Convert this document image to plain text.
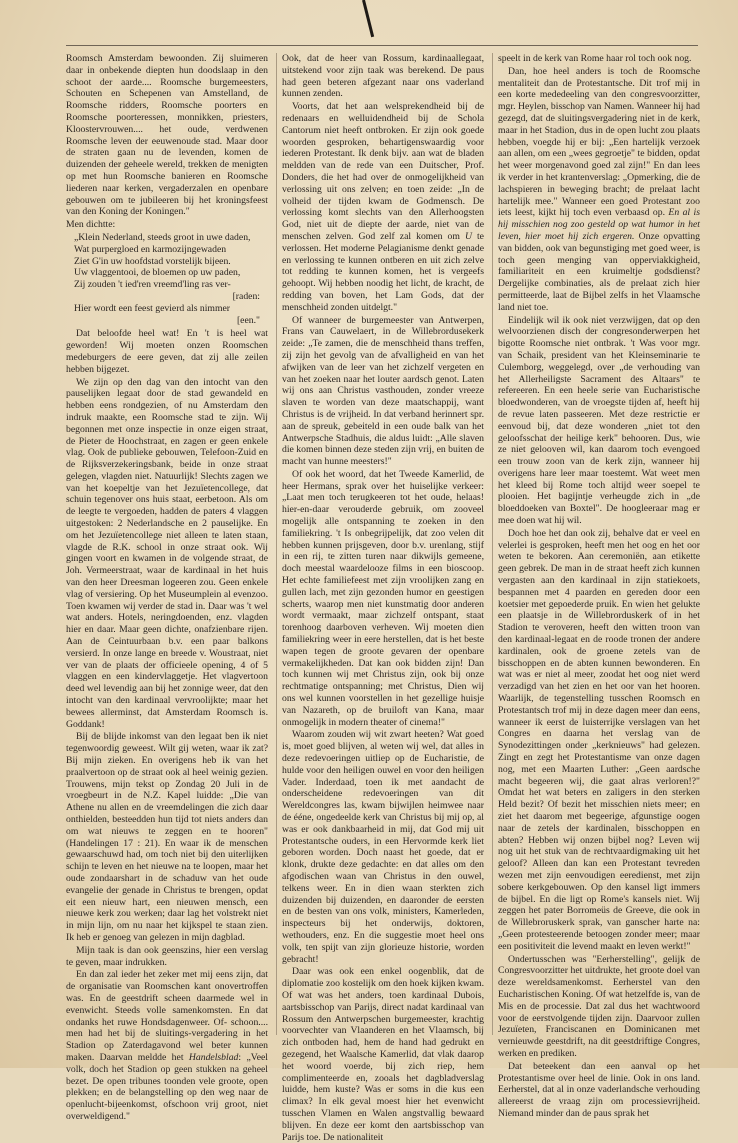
Roomsch Amsterdam bewoonden. Zij sluimeren daar in onbekende diepten hun doodslaap in den schoot der aarde.... Roomsche burgemeesters, Schouten en Schepenen van Amstelland, de Roomsche ridders, Roomsche poorters en Roomsche poorteressen, monnikken, priesters, Kloostervrouwen.... het oude, verdwenen Roomsche leven der eeuwenoude stad. Maar door de straten gaan nu de levenden, komen de duizenden der geheele wereld, trekken de menigten op met hun Roomsche banieren en Roomsche liederen naar kerken, vergaderzalen en openbare gebouwen om te jubileeren bij het kroningsfeest van den Koning der Koningen."

Men dichtte:

„Klein Nederland, steeds groot in uwe daden,
Wat purpergloed en karmozijngewaden
Ziet G'in uw hoofdstad vorstelijk bijeen.
Uw vlaggentooi, de bloemen op uw paden,
Zij zouden 't ied'ren vreemd'ling ras ver-
[raden:
Hier wordt een feest gevierd als nimmer
[een."

Dat beloofde heel wat! En 't is heel wat geworden! Wij moeten onzen Roomschen medeburgers de eere geven, dat zij alle zeilen hebben bijgezet.

We zijn op den dag van den intocht van den pauselijken legaat door de stad gewandeld en hebben eens rondgezien, of nu Amsterdam den indruk maakte, een Roomsche stad te zijn. Wij begonnen met onze inspectie in onze eigen straat, de Pieter de Hoochstraat, en zagen er geen enkele vlag. Ook de publieke gebouwen, Telefoon-Zuid en de Rijksverzekeringsbank, beide in onze straat gelegen, vlagden niet. Natuurlijk! Slechts zagen we van het koepeltje van het Jezuïetencollege, dat schuin tegenover ons huis staat, eerbetoon. Als om de leegte te vergoeden, hadden de paters 4 vlaggen uitgestoken: 2 Nederlandsche en 2 pauselijke. En om het Jezuïetencollege niet alleen te laten staan, vlagde de R.K. school in onze straat ook. Wij gingen voort en kwamen in de volgende straat, de Joh. Vermeerstraat, waar de kardinaal in het huis van den heer Dreesman logeeren zou. Geen enkele vlag of versiering. Op het Museumplein al evenzoo. Toen kwamen wij verder de stad in. Daar was 't wel wat anders. Hotels, neringdoenden, enz. vlagden hier en daar. Maar geen dichte, onafzienbare rijen. Aan de Ceintuurbaan b.v. een paar balkons versierd. In onze lange en breede v. Woustraat, niet ver van de plaats der officieele opening, 4 of 5 vlaggen en een kindervlaggetje. Het vlagvertoon deed wel levendig aan bij het zonnige weer, dat den intocht van den kardinaal vervroolijkte; maar het bewees allerminst, dat Amsterdam Roomsch is. Goddank!

Bij de blijde inkomst van den legaat ben ik niet tegenwoordig geweest. Wilt gij weten, waar ik zat? Bij mijn zieken. En overigens heb ik van het praalvertoon op de straat ook al heel weinig gezien. Trouwens, mijn tekst op Zondag 20 Juli in de vroegbeurt in de N.Z. Kapel luidde: „Die van Athene nu allen en de vreemdelingen die zich daar onthielden, besteedden hun tijd tot niets anders dan om wat nieuws te zeggen en te hooren" (Handelingen 17 : 21). En waar ik de menschen gewaarschuwd had, om toch niet bij den uiterlijken schijn te leven en het nieuwe na te loopen, maar het oude zondaarshart in de schaduw van het oude evangelie der genade in Christus te brengen, opdat eit een nieuw hart, een nieuwen mensch, een nieuwe kerk zou werken; daar lag het volstrekt niet in mijn lijn, om nu naar het kijkspel te staan zien. Ik heb er genoeg van gelezen in mijn dagblad.

Mijn taak is dan ook geenszins, hier een verslag te geven, maar indrukken.

En dan zal ieder het zeker met mij eens zijn, dat de organisatie van Roomschen kant onovertroffen was. En de geestdrift scheen daarmede wel in evenwicht. Steeds volle samenkomsten. En dat ondanks het ruwe Hondsdagenweer. Of- schoon.... men had het bij de sluitings-vergadering in het Stadion op Zaterdagavond wel beter kunnen maken. Daarvan meldde het Handelsblad: „Veel volk, doch het Stadion op geen stukken na geheel bezet. De open tribunes toonden vele groote, open plekken; en de belangstelling op den weg naar de openlucht-bijeenkomst, ofschoon vrij groot, niet overweldigend."

Ook, dat de heer van Rossum, kardinaallegaat, uitstekend voor zijn taak was berekend. De paus had geen beteren afgezant naar ons vaderland kunnen zenden.

Voorts, dat het aan welsprekendheid bij de redenaars en welluidendheid bij de Schola Cantorum niet heeft ontbroken. Er zijn ook goede woorden gesproken, behartigenswaardig voor iederen Protestant. Ik denk bijv. aan wat de bladen meldden van de rede van een Duitscher, Prof. Donders, die het had over de onmogelijkheid van verlossing uit ons zelven; en toen zeide: „In de volheid der tijden kwam de Godmensch. De verlossing komt slechts van den Allerhoogsten God, niet uit de diepte der aarde, niet van de menschen zelven. God zelf zal komen om U te verlossen. Het moderne Pelagianisme denkt genade en verlossing te kunnen ontberen en uit zich zelve tot redding te kunnen komen, het is vergeefs gehoopt. Wij hebben noodig het licht, de kracht, de redding van boven, het Lam Gods, dat der menschheid zonden uitdelgt."

Of wanneer de burgemeester van Antwerpen, Frans van Cauwelaert, in de Willebrordusekerk zeide: „Te zamen, die de menschheid thans treffen, zij zijn het gevolg van de afvalligheid en van het afwijken van de leer van het zichzelf vergeten en van het zoeken naar het louter aardsch genot. Laten wij ons aan Christus vasthouden, zonder vreeze slaven te worden van deze maatschappij, want Christus is de vrijheid. In dat verband herinnert spr. aan de spreuk, gebeiteld in een oude balk van het Antwerpsche Stadhuis, die aldus luidt: „Alle slaven die komen binnen deze steden zijn vrij, en buiten de macht van hunne meesters!"

Of ook het woord, dat het Tweede Kamerlid, de heer Hermans, sprak over het huiselijke verkeer: „Laat men toch terugkeeren tot het oude, helaas! hier-en-daar verouderde gebruik, om zooveel mogelijk alle ontspanning te zoeken in den familiekring. 't Is onbegrijpelijk, dat zoo velen dit hebben kunnen prijsgeven, door b.v. urenlang, stijf in een rij, te zitten turen naar dikwijls gemeene, doch meestal waardelooze films in een bioscoop. Het echte familiefeest met zijn vroolijken zang en gullen lach, met zijn gezonden humor en geestigen scherts, waarop men niet kunstmatig door anderen wordt vermaakt, maar zichzelf ontspant, staat torenhoog daarboven verheven. Wij moeten dien familiekring weer in eere herstellen, dat is het beste wapen tegen de groote gevaren der openbare vermakelijkheden. Dat kan ook bidden zijn! Dan toch kunnen wij met Christus zijn, ook bij onze rechtmatige ontspanning; met Christus, Dien wij ons wel kunnen voorstellen in het gezellige huisje van Nazareth, op de bruiloft van Kana, maar onmogelijk in modern theater of cinema!"

Waarom zouden wij wit zwart heeten? Wat goed is, moet goed blijven, al weten wij wel, dat alles in deze redevoeringen uitliep op de Eucharistie, de hulde voor den heiligen ouwel en voor den heiligen Vader. Inderdaad, toen ik met aandacht de onderscheidene redevoeringen van dit Wereldcongres las, kwam bijwijlen heimwee naar de ééne, ongedeelde kerk van Christus bij mij op, al was er ook dankbaarheid in mij, dat God mij uit Protestantsche ouders, in een Hervormde kerk liet geboren worden. Doch naast het goede, dat er klonk, drukte deze gedachte: en dat alles om den afgodischen waan van Christus in den ouwel, telkens weer. En in dien waan sterkten zich duizenden bij duizenden, en daaronder de eersten en de besten van ons volk, ministers, Kamerleden, inspecteurs bij het onderwijs, doktoren, wethouders, enz. En die suggestie moet heel ons volk, ten spijt van zijn glorieuze historie, worden gebracht!

Daar was ook een enkel oogenblik, dat de diplomatie zoo kostelijk om den hoek kijken kwam. Of wat was het anders, toen kardinaal Dubois, aartsbisschop van Parijs, direct nadat kardinaal van Rossum den Antwerpschen burgemeester, krachtig voorvechter van Vlaanderen en het Vlaamsch, bij zich ontboden had, hem de hand had gedrukt en gezegend, het Waalsche Kamerlid, dat vlak daarop het woord voerde, bij zich riep, hem complimenteerde en, zooals het dagbladverslag luidde, hem kuste? Was er soms in die kus een climax? In elk geval moest hier het evenwicht tusschen Vlamen en Walen angstvallig bewaard blijven. En deze eer komt den aartsbisschop van Parijs toe. De nationaliteit

speelt in de kerk van Rome haar rol toch ook nog.

Dan, hoe heel anders is toch de Roomsche mentaliteit dan de Protestantsche. Dit trof mij in een korte mededeeling van den congresvoorzitter, mgr. Heylen, bisschop van Namen. Wanneer hij had gezegd, dat de sluitingsvergadering niet in de kerk, maar in het Stadion, dus in de open lucht zou plaats hebben, voegde hij er bij: „Een hartelijk verzoek aan allen, om een „wees gegroetje" te bidden, opdat het weer morgenavond goed zal zijn!" En dan lees ik verder in het krantenverslag: „Opmerking, die de lachspieren in beweging bracht; de prelaat lacht hartelijk mee." Wanneer een goed Protestant zoo iets leest, kijkt hij toch even verbaasd op. En al is hij misschien nog zoo gesteld op wat humor in het leven, hier moet hij zich ergeren. Onze opvatting van bidden, ook van begunstiging met goed weer, is toch geen menging van opperviakkigheid, familiariteit en een kruimeltje godsdienst? Dergelijke combinaties, als de prelaat zich hier permitteerde, laat de Bijbel zelfs in het Vlaamsche land niet toe.

Eindelijk wil ik ook niet verzwijgen, dat op den welvoorzienen disch der congresonderwerpen het bigotte Roomsche niet ontbrak. 't Was voor mgr. van Schaik, president van het Kleinseminarie te Culemborg, weggelegd, over „de verhouding van het Allerheiligste Sacrament des Altaars" te refereeren. En een heele serie van Eucharistische bloedwonderen, van de vroegste tijden af, heeft hij de revue laten passeeren. Met deze restrictie er eenvoud bij, dat deze wonderen „niet tot den geloofsschat der heilige kerk" behooren. Dus, wie ze niet gelooven wil, kan daarom toch evengoed een trouw zoon van de kerk zijn, wanneer hij overigens hare leer maar toestemt. Wat weet men het kleed bij Rome toch altijd weer soepel te plooien. Het bagijntje verheugde zich in „de bloeddoeken van Boxtel". De hoogleeraar mag er mee doen wat hij wil.

Doch hoe het dan ook zij, behalve dat er veel en velerlei is gesproken, heeft men het oog en het oor weten te bekoren. Aan ceremoniën, aan etikette geen gebrek. De man in de straat heeft zich kunnen vergasten aan den kardinaal in zijn statiekoets, bespannen met 4 paarden en gereden door een koetsier met gepoederde pruik. En wien het gelukte een plaatsje in de Willebrorduskerk of in het Stadion te veroveren, heeft den witten troon van den kardinaal-legaat en de roode tronen der andere kardinalen, ook de groene zetels van de bisschoppen en de abten kunnen bewonderen. En wat was er niet al meer, zoodat het oog niet werd verzadigd van het zien en het oor van het hooren. Waarlijk, de tegenstelling tusschen Roomsch en Protestantsch trof mij in deze dagen meer dan eens, wanneer ik eerst de luisterrijke verslagen van het Congres en daarna het verslag van de Synodezittingen onder „kerknieuws" had gelezen. Zingt en zegt het Protestantisme van onze dagen nog, met een Maarten Luther: „Geen aardsche macht begeeren wij, die gaat alras verloren!?" Omdat het wat beters en zaligers in den sterken Held bezit? Of bezit het misschien niets meer; en ziet het daarom met begeerige, afgunstige oogen naar de zetels der kardinalen, bisschoppen en abten? Hebben wij onzen bijbel nog? Leven wij nog uit het stuk van de rechtvaardigmaking uit het geloof? Alleen dan kan een Protestant tevreden wezen met zijn eenvoudigen eeredienst, met zijn sobere kerkgebouwen. Op den kansel ligt immers de bijbel. En die ligt op Rome's kansels niet. Wij zeggen het pater Borromeüs de Greeve, die ook in de Willebroruskerk sprak, van ganscher harte na: „Geen protesteerende betoogen zonder meer; maar een positiviteit die levend maakt en leven werkt!"

Ondertusschen was "Eerherstelling", gelijk de Congresvoorzitter het uitdrukte, het groote doel van deze wereldsamenkomst. Eerherstel van den Eucharistischen Koning. Of wat hetzelfde is, van de Mis en de processie. Dat zal dus het wachtwoord voor de eerstvolgende tijden zijn. Daarvoor zullen Jezuïeten, Franciscanen en Dominicanen met vernieuwde geestdrift, na dit geestdriftige Congres, werken en prediken.

Dat beteekent dan een aanval op het Protestantisme over heel de linie. Ook in ons land. Eerherstel, dat al in onze vaderlandsche verhouding allereerst de vraag zijn om processievrijheid. Niemand minder dan de paus sprak het
